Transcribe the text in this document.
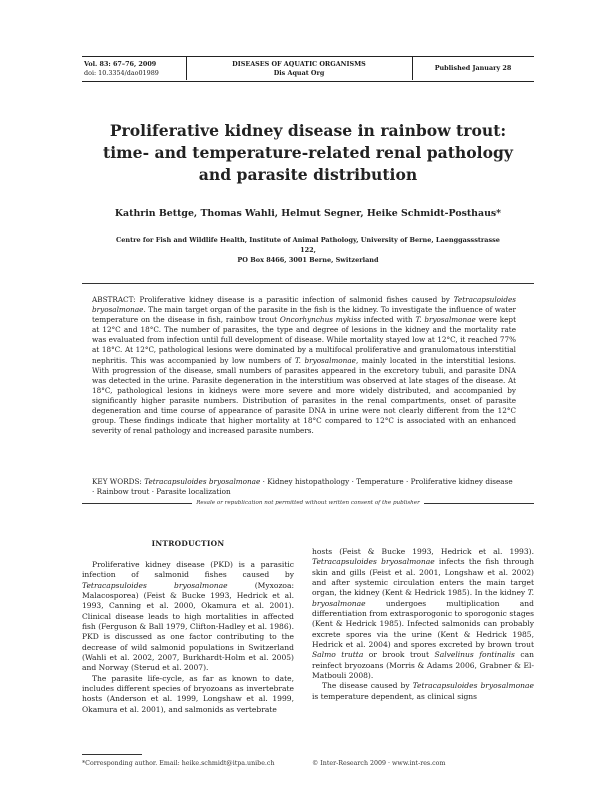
Vol. 83: 67–76, 2009
doi: 10.3354/dao01989
DISEASES OF AQUATIC ORGANISMS
Dis Aquat Org
Published January 28
Proliferative kidney disease in rainbow trout:
time- and temperature-related renal pathology
and parasite distribution
Kathrin Bettge, Thomas Wahli, Helmut Segner, Heike Schmidt-Posthaus*
Centre for Fish and Wildlife Health, Institute of Animal Pathology, University of Berne, Laenggassstrasse 122,
PO Box 8466, 3001 Berne, Switzerland
ABSTRACT: Proliferative kidney disease is a parasitic infection of salmonid fishes caused by Tetracapsuloides bryosalmonae. The main target organ of the parasite in the fish is the kidney. To investigate the influence of water temperature on the disease in fish, rainbow trout Oncorhynchus mykiss infected with T. bryosalmonae were kept at 12°C and 18°C. The number of parasites, the type and degree of lesions in the kidney and the mortality rate was evaluated from infection until full development of disease. While mortality stayed low at 12°C, it reached 77% at 18°C. At 12°C, pathological lesions were dominated by a multifocal proliferative and granulomatous interstitial nephritis. This was accompanied by low numbers of T. bryosalmonae, mainly located in the interstitial lesions. With progression of the disease, small numbers of parasites appeared in the excretory tubuli, and parasite DNA was detected in the urine. Parasite degeneration in the interstitium was observed at late stages of the disease. At 18°C, pathological lesions in kidneys were more severe and more widely distributed, and accompanied by significantly higher parasite numbers. Distribution of parasites in the renal compartments, onset of parasite degeneration and time course of appearance of parasite DNA in urine were not clearly different from the 12°C group. These findings indicate that higher mortality at 18°C compared to 12°C is associated with an enhanced severity of renal pathology and increased parasite numbers.
KEY WORDS: Tetracapsuloides bryosalmonae · Kidney histopathology · Temperature · Proliferative kidney disease · Rainbow trout · Parasite localization
Resale or republication not permitted without written consent of the publisher
INTRODUCTION

Proliferative kidney disease (PKD) is a parasitic infection of salmonid fishes caused by Tetracapsuloides bryosalmonae (Myxozoa: Malacosporea) (Feist & Bucke 1993, Hedrick et al. 1993, Canning et al. 2000, Okamura et al. 2001). Clinical disease leads to high mortalities in affected fish (Ferguson & Ball 1979, Clifton-Hadley et al. 1986). PKD is discussed as one factor contributing to the decrease of wild salmonid populations in Switzerland (Wahli et al. 2002, 2007, Burkhardt-Holm et al. 2005) and Norway (Sterud et al. 2007).

The parasite life-cycle, as far as known to date, includes different species of bryozoans as invertebrate hosts (Anderson et al. 1999, Longshaw et al. 1999, Okamura et al. 2001), and salmonids as vertebrate

hosts (Feist & Bucke 1993, Hedrick et al. 1993). Tetracapsuloides bryosalmonae infects the fish through skin and gills (Feist et al. 2001, Longshaw et al. 2002) and after systemic circulation enters the main target organ, the kidney (Kent & Hedrick 1985). In the kidney T. bryosalmonae undergoes multiplication and differentiation from extrasporogonic to sporogonic stages (Kent & Hedrick 1985). Infected salmonids can probably excrete spores via the urine (Kent & Hedrick 1985, Hedrick et al. 2004) and spores excreted by brown trout Salmo trutta or brook trout Salvelinus fontinalis can reinfect bryozoans (Morris & Adams 2006, Grabner & El-Matbouli 2008).

The disease caused by Tetracapsuloides bryosalmonae is temperature dependent, as clinical signs

*Corresponding author. Email: heike.schmidt@itpa.unibe.ch	© Inter-Research 2009 · www.int-res.com
